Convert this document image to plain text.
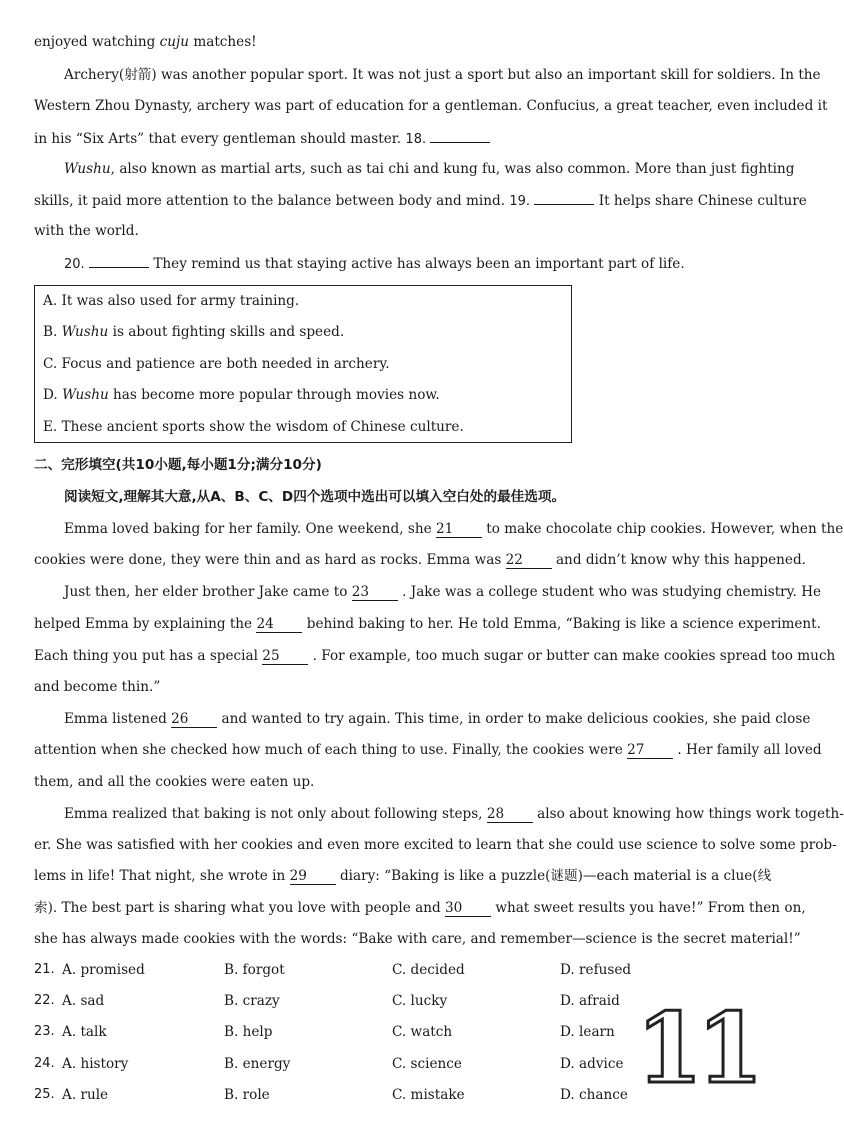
enjoyed watching cuju matches!
Archery(射箭) was another popular sport. It was not just a sport but also an important skill for soldiers. In the
Western Zhou Dynasty, archery was part of education for a gentleman. Confucius, a great teacher, even included it
in his “Six Arts” that every gentleman should master. 18.
Wushu, also known as martial arts, such as tai chi and kung fu, was also common. More than just fighting
skills, it paid more attention to the balance between body and mind. 19.	It helps share Chinese culture
with the world.
20.	They remind us that staying active has always been an important part of life.
A. It was also used for army training.
B. Wushu is about fighting skills and speed.
C. Focus and patience are both needed in archery.
D. Wushu has become more popular through movies now.
E. These ancient sports show the wisdom of Chinese culture.
二、完形填空(共10小题,每小题1分;满分10分)
阅读短文,理解其大意,从A、B、C、D四个选项中选出可以填入空白处的最佳选项。
Emma loved baking for her family. One weekend, she 21 to make chocolate chip cookies. However, when the
cookies were done, they were thin and as hard as rocks. Emma was 22 and didn’t know why this happened.
Just then, her elder brother Jake came to 23 . Jake was a college student who was studying chemistry. He
helped Emma by explaining the 24 behind baking to her. He told Emma, “Baking is like a science experiment.
Each thing you put has a special 25 . For example, too much sugar or butter can make cookies spread too much
and become thin.”
Emma listened 26 and wanted to try again. This time, in order to make delicious cookies, she paid close
attention when she checked how much of each thing to use. Finally, the cookies were 27 . Her family all loved
them, and all the cookies were eaten up.
Emma realized that baking is not only about following steps, 28 also about knowing how things work togeth-
er. She was satisfied with her cookies and even more excited to learn that she could use science to solve some prob-
lems in life! That night, she wrote in 29 diary: “Baking is like a puzzle(谜题)—each material is a clue(线
索). The best part is sharing what you love with people and 30 what sweet results you have!” From then on,
she has always made cookies with the words: “Bake with care, and remember—science is the secret material!”
21. A. promised	B. forgot	C. decided	D. refused
22. A. sad	B. crazy	C. lucky	D. afraid
23. A. talk	B. help	C. watch	D. learn
24. A. history	B. energy	C. science	D. advice
25. A. rule	B. role	C. mistake	D. chance 11
